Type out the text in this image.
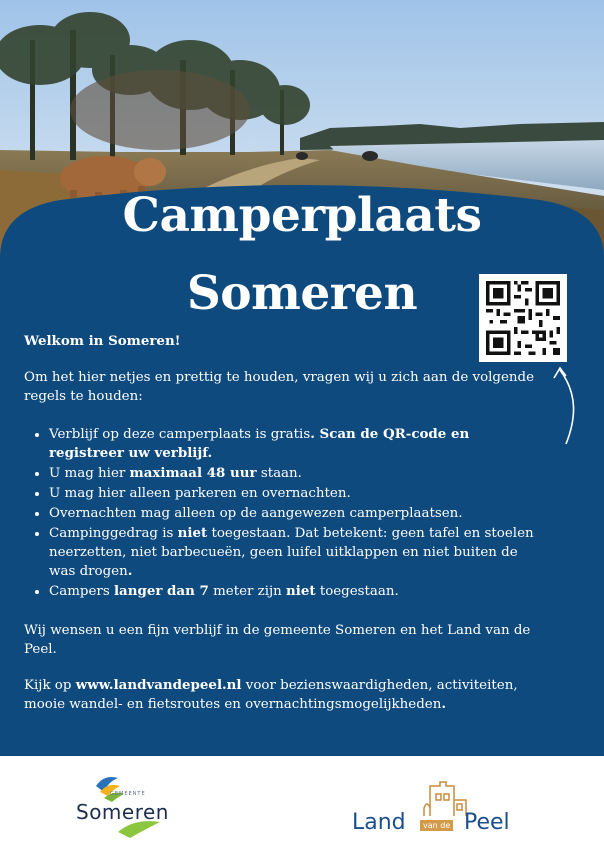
Camperplaats
Someren

Welkom in Someren!

Om het hier netjes en prettig te houden, vragen wij u zich aan de volgende regels te houden:

• Verblijf op deze camperplaats is gratis. Scan de QR-code en registreer uw verblijf.
• U mag hier maximaal 48 uur staan.
• U mag hier alleen parkeren en overnachten.
• Overnachten mag alleen op de aangewezen camperplaatsen.
• Campinggedrag is niet toegestaan. Dat betekent: geen tafel en stoelen neerzetten, niet barbecueën, geen luifel uitklappen en niet buiten de was drogen.
• Campers langer dan 7 meter zijn niet toegestaan.

Wij wensen u een fijn verblijf in de gemeente Someren en het Land van de Peel.

Kijk op www.landvandepeel.nl voor bezienswaardigheden, activiteiten, mooie wandel- en fietsroutes en overnachtingsmogelijkheden.

GEMEENTE
Someren	Land	van de Peel
